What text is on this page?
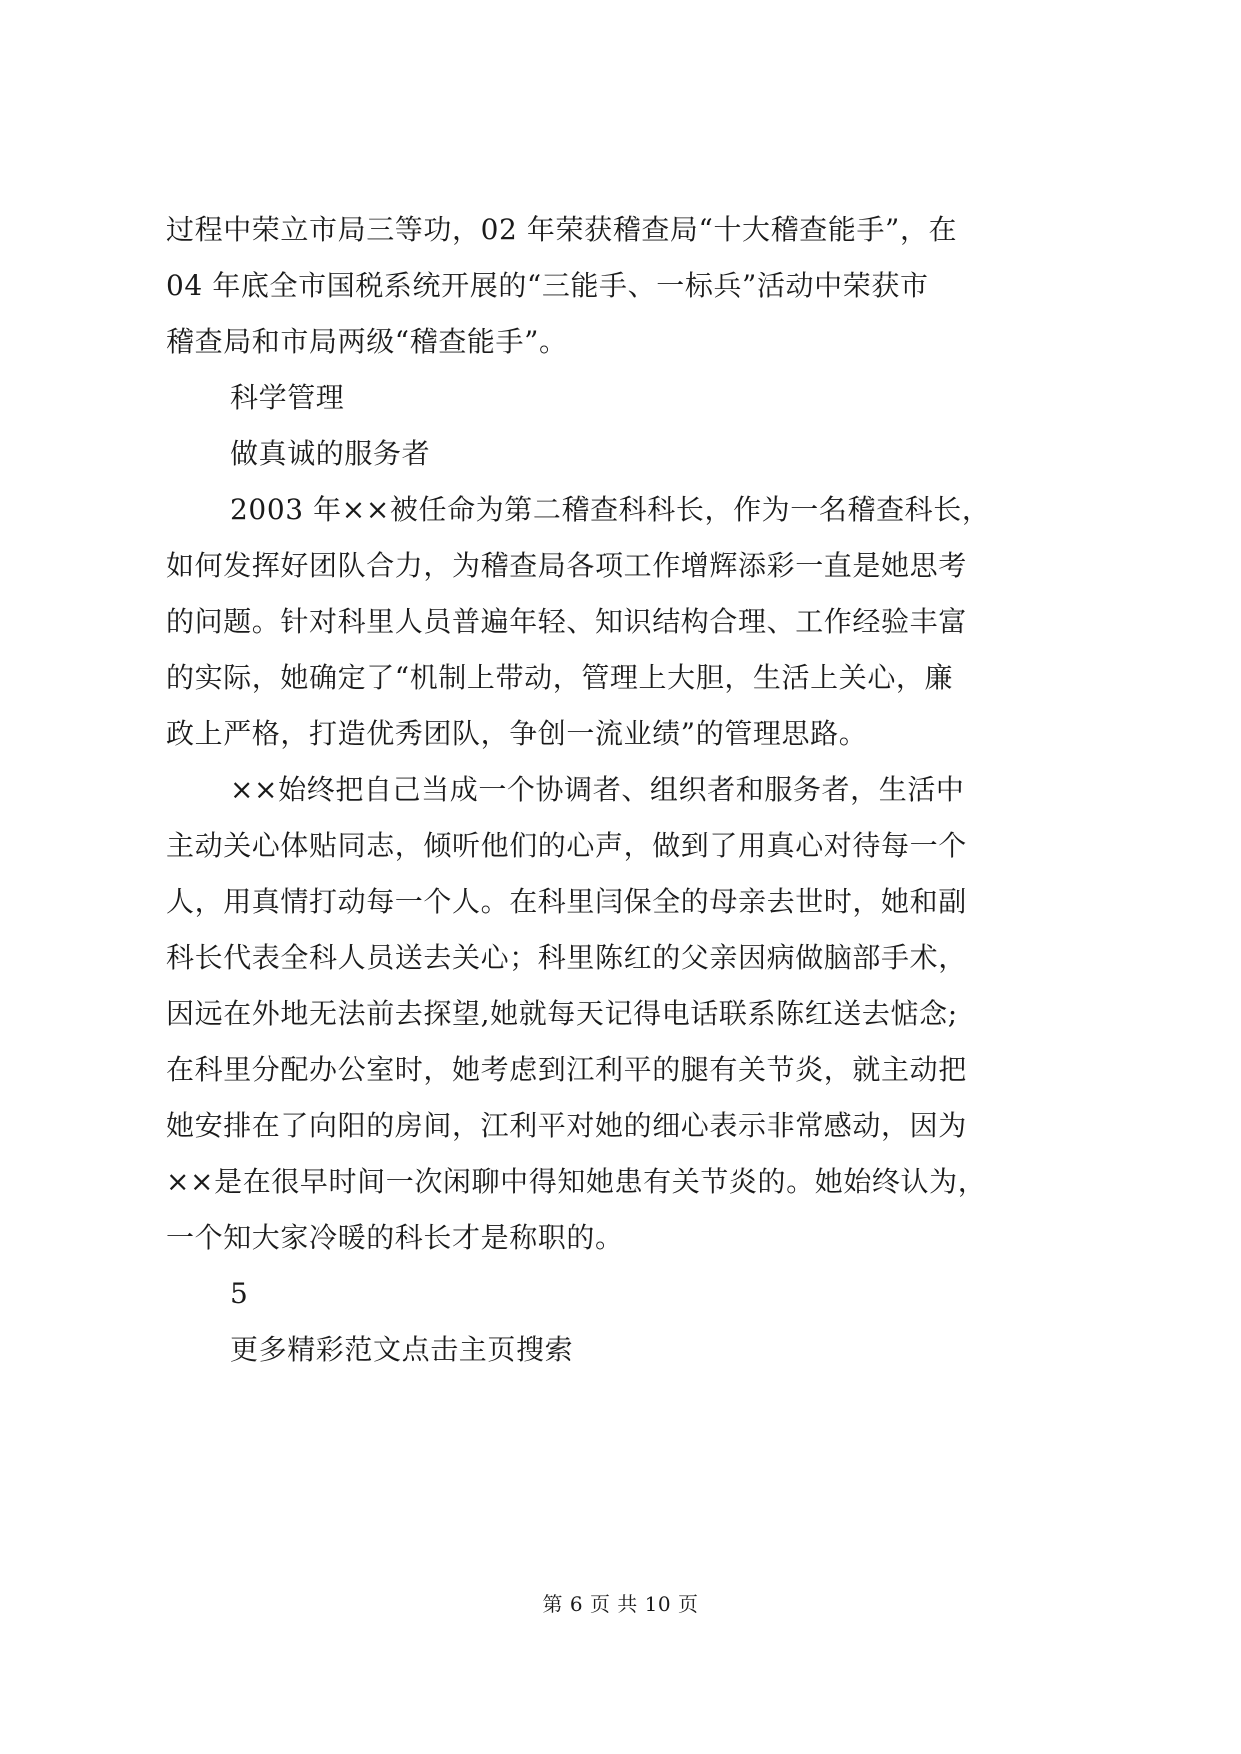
过程中荣立市局三等功，02 年荣获稽查局“十大稽查能手”，在
04 年底全市国税系统开展的“三能手、一标兵”活动中荣获市
稽查局和市局两级“稽查能手”。
科学管理
做真诚的服务者
2003 年××被任命为第二稽查科科长，作为一名稽查科长，
如何发挥好团队合力，为稽查局各项工作增辉添彩一直是她思考
的问题。针对科里人员普遍年轻、知识结构合理、工作经验丰富
的实际，她确定了“机制上带动，管理上大胆，生活上关心，廉
政上严格，打造优秀团队，争创一流业绩”的管理思路。
××始终把自己当成一个协调者、组织者和服务者，生活中
主动关心体贴同志，倾听他们的心声，做到了用真心对待每一个
人，用真情打动每一个人。在科里闫保全的母亲去世时，她和副
科长代表全科人员送去关心；科里陈红的父亲因病做脑部手术，
因远在外地无法前去探望,她就每天记得电话联系陈红送去惦念;
在科里分配办公室时，她考虑到江利平的腿有关节炎，就主动把
她安排在了向阳的房间，江利平对她的细心表示非常感动，因为
××是在很早时间一次闲聊中得知她患有关节炎的。她始终认为，
一个知大家冷暖的科长才是称职的。
5
更多精彩范文点击主页搜索
第 6 页 共 10 页
